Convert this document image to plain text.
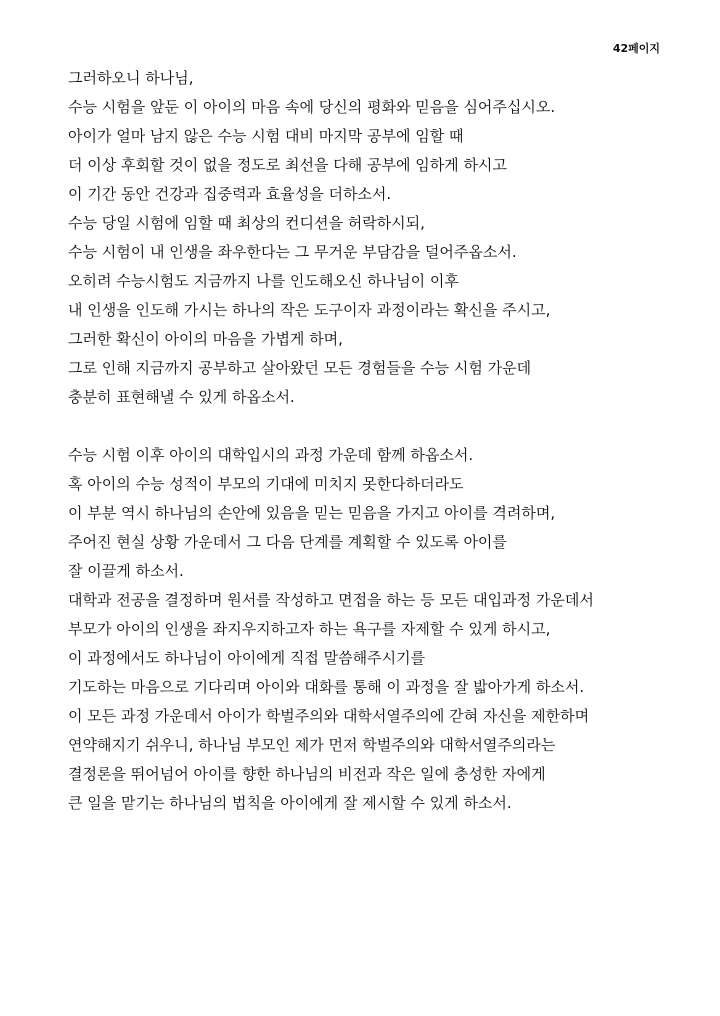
42페이지

그러하오니 하나님,
수능 시험을 앞둔 이 아이의 마음 속에 당신의 평화와 믿음을 심어주십시오.
아이가 얼마 남지 않은 수능 시험 대비 마지막 공부에 임할 때
더 이상 후회할 것이 없을 정도로 최선을 다해 공부에 임하게 하시고
이 기간 동안 건강과 집중력과 효율성을 더하소서.
수능 당일 시험에 임할 때 최상의 컨디션을 허락하시되,
수능 시험이 내 인생을 좌우한다는 그 무거운 부담감을 덜어주옵소서.
오히려 수능시험도 지금까지 나를 인도해오신 하나님이 이후
내 인생을 인도해 가시는 하나의 작은 도구이자 과정이라는 확신을 주시고,
그러한 확신이 아이의 마음을 가볍게 하며,
그로 인해 지금까지 공부하고 살아왔던 모든 경험들을 수능 시험 가운데
충분히 표현해낼 수 있게 하옵소서.

수능 시험 이후 아이의 대학입시의 과정 가운데 함께 하옵소서.
혹 아이의 수능 성적이 부모의 기대에 미치지 못한다하더라도
이 부분 역시 하나님의 손안에 있음을 믿는 믿음을 가지고 아이를 격려하며,
주어진 현실 상황 가운데서 그 다음 단계를 계획할 수 있도록 아이를
잘 이끌게 하소서.
대학과 전공을 결정하며 원서를 작성하고 면접을 하는 등 모든 대입과정 가운데서
부모가 아이의 인생을 좌지우지하고자 하는 욕구를 자제할 수 있게 하시고,
이 과정에서도 하나님이 아이에게 직접 말씀해주시기를
기도하는 마음으로 기다리며 아이와 대화를 통해 이 과정을 잘 밟아가게 하소서.
이 모든 과정 가운데서 아이가 학벌주의와 대학서열주의에 갇혀 자신을 제한하며
연약해지기 쉬우니, 하나님 부모인 제가 먼저 학벌주의와 대학서열주의라는
결정론을 뛰어넘어 아이를 향한 하나님의 비전과 작은 일에 충성한 자에게
큰 일을 맡기는 하나님의 법칙을 아이에게 잘 제시할 수 있게 하소서.
